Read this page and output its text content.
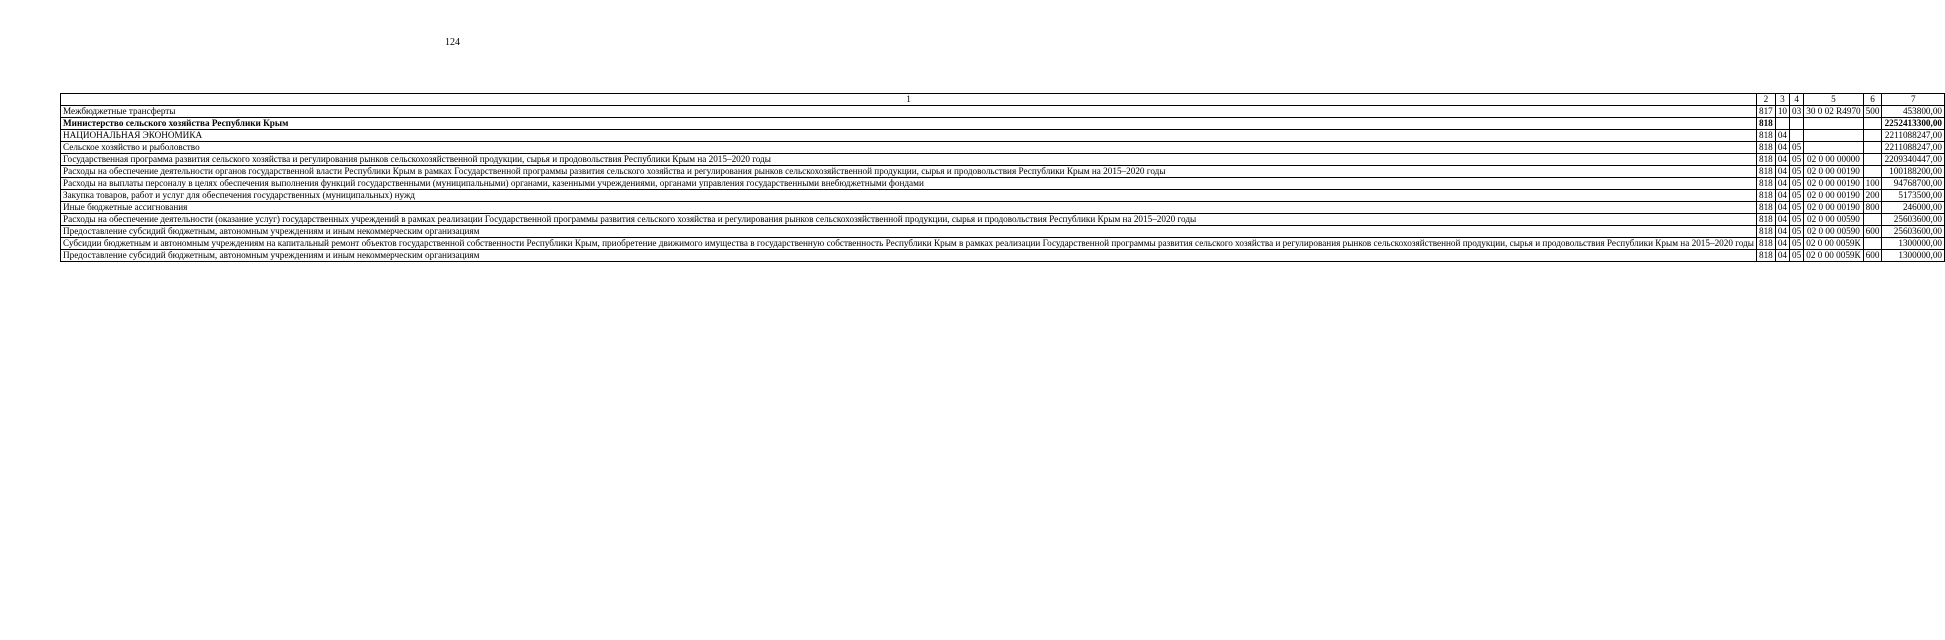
124
1	2	3	4	5	6	7
Межбюджетные трансферты	817	10	03	30 0 02 R4970	500	453800,00
Министерство сельского хозяйства Республики Крым	818					2252413300,00
НАЦИОНАЛЬНАЯ ЭКОНОМИКА	818	04				2211088247,00
Сельское хозяйство и рыболовство	818	04	05			2211088247,00
Государственная программа развития сельского хозяйства и регулирования рынков сельскохозяйственной продукции, сырья и продовольствия Республики Крым на 2015–2020 годы	818	04	05	02 0 00 00000		2209340447,00
Расходы на обеспечение деятельности органов государственной власти Республики Крым в рамках Государственной программы развития сельского хозяйства и регулирования рынков сельскохозяйственной продукции, сырья и продовольствия Республики Крым на 2015–2020 годы	818	04	05	02 0 00 00190		100188200,00
Расходы на выплаты персоналу в целях обеспечения выполнения функций государственными (муниципальными) органами, казенными учреждениями, органами управления государственными внебюджетными фондами	818	04	05	02 0 00 00190	100	94768700,00
Закупка товаров, работ и услуг для обеспечения государственных (муниципальных) нужд	818	04	05	02 0 00 00190	200	5173500,00
Иные бюджетные ассигнования	818	04	05	02 0 00 00190	800	246000,00
Расходы на обеспечение деятельности (оказание услуг) государственных учреждений в рамках реализации Государственной программы развития сельского хозяйства и регулирования рынков сельскохозяйственной продукции, сырья и продовольствия Республики Крым на 2015–2020 годы	818	04	05	02 0 00 00590		25603600,00
Предоставление субсидий бюджетным, автономным учреждениям и иным некоммерческим организациям	818	04	05	02 0 00 00590	600	25603600,00
Субсидии бюджетным и автономным учреждениям на капитальный ремонт объектов государственной собственности Республики Крым, приобретение движимого имущества в государственную собственность Республики Крым в рамках реализации Государственной программы развития сельского хозяйства и регулирования рынков сельскохозяйственной продукции, сырья и продовольствия Республики Крым на 2015–2020 годы	818	04	05	02 0 00 0059К		1300000,00
Предоставление субсидий бюджетным, автономным учреждениям и иным некоммерческим организациям	818	04	05	02 0 00 0059К	600	1300000,00
